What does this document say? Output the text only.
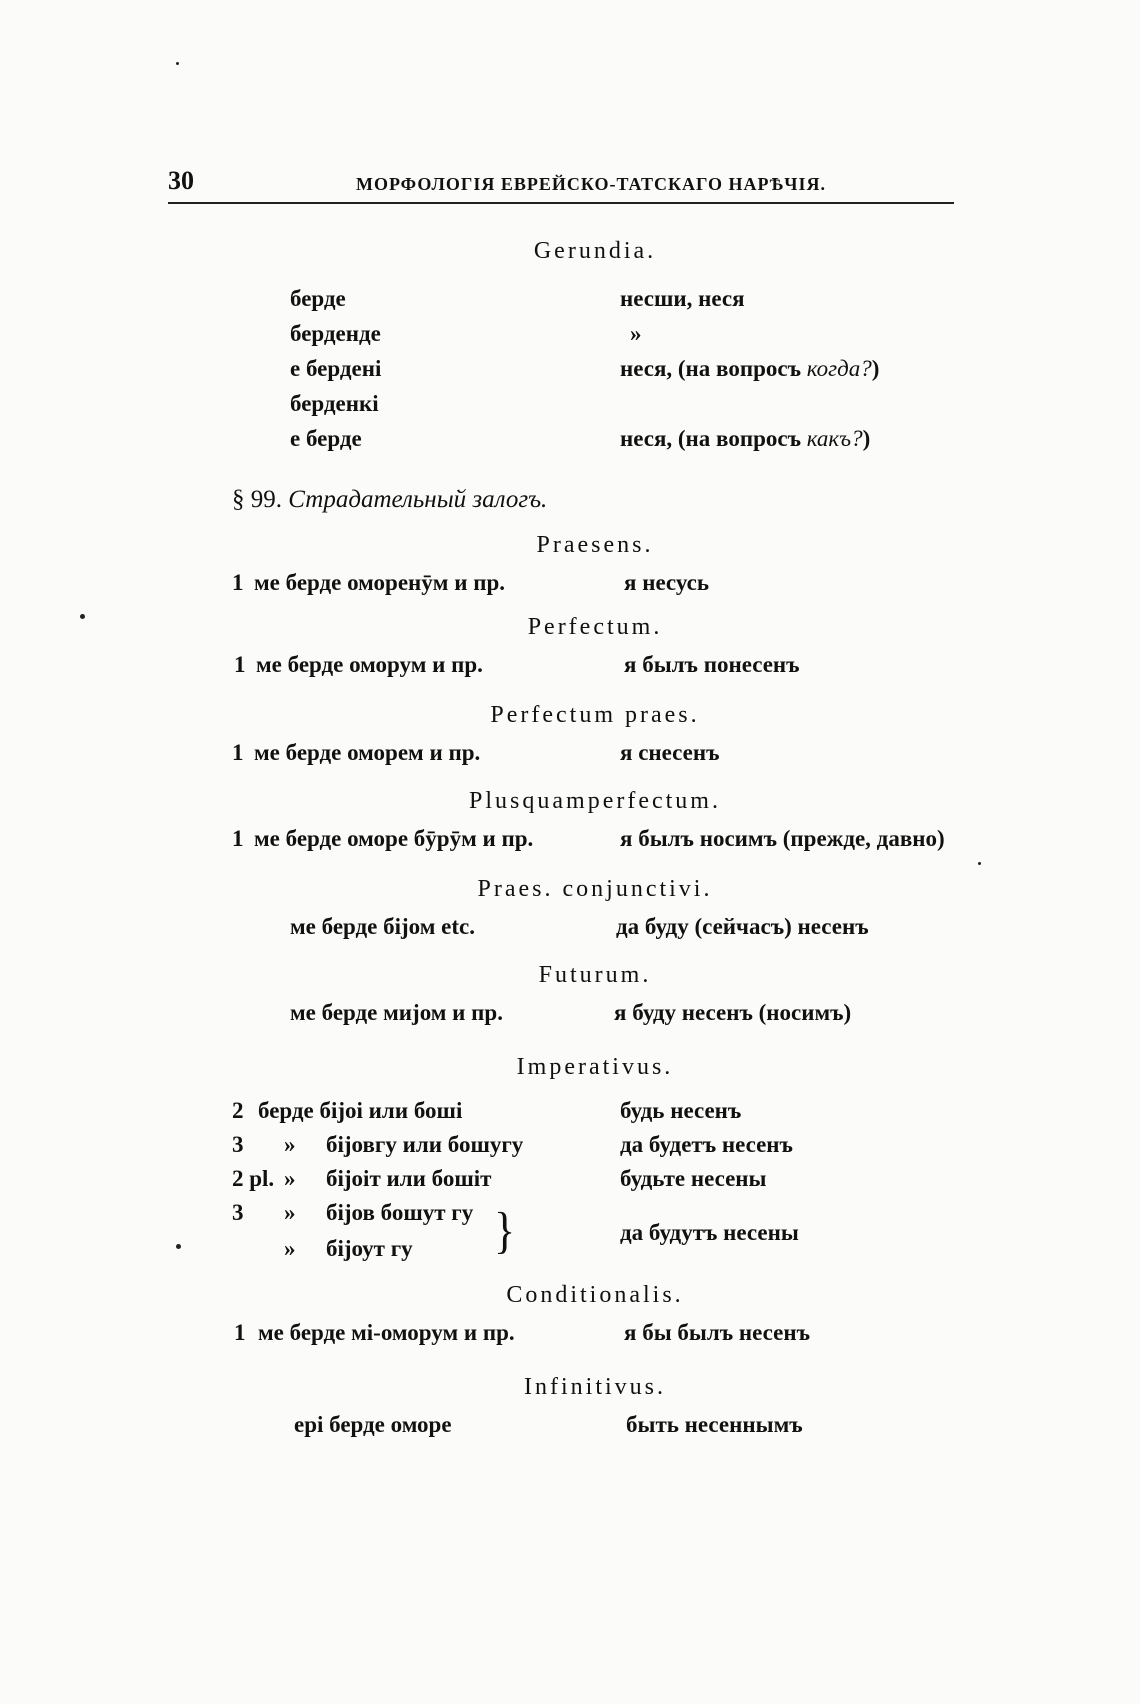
30	МОРФОЛОГІЯ ЕВРЕЙСКО-ТАТСКАГО НАРѢЧІЯ.
Gerundia.
берде	несши, неся
берденде	»
е бердені	неся, (на вопросъ когда?)
берденкі
е берде	неся, (на вопросъ какъ?)
§ 99. Страдательный залогъ.
Praesens.
1 ме берде оморенӯм и пр.	я несусь
Perfectum.
1 ме берде оморум и пр.	я былъ понесенъ
Perfectum praes.
1 ме берде оморем и пр.	я снесенъ
Plusquamperfectum.
1 ме берде оморе бӯрӯм и пр.	я былъ носимъ (прежде, давно)
Praes. conjunctivi.
ме берде біјом etc.	да буду (сейчасъ) несенъ
Futurum.
ме берде мијом и пр.	я буду несенъ (носимъ)
Imperativus.
2 берде біјоі или бошi	будь несенъ
3 » біјовгу или бошугу	да будетъ несенъ
2 pl. » біјоіт или бошіт	будьте несены
3 » біјов бошут гу
» біјоут гу }	да будутъ несены
Conditionalis.
1 ме берде мі-оморум и пр.	я бы былъ несенъ
Infinitivus.
ері берде оморе	быть несеннымъ
